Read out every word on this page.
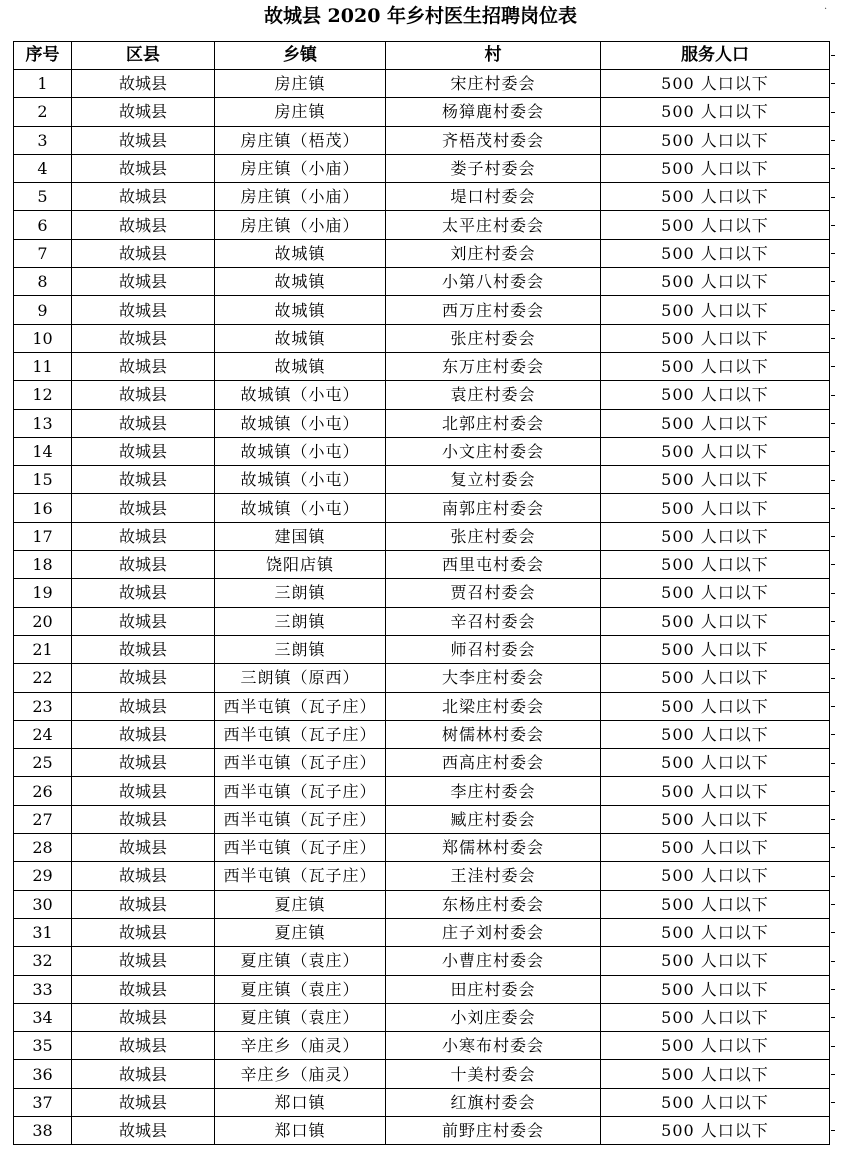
故城县 2020 年乡村医生招聘岗位表	·
序号	区县	乡镇	村	服务人口
1	故城县	房庄镇	宋庄村委会	500 人口以下
2	故城县	房庄镇	杨獐鹿村委会	500 人口以下
3	故城县	房庄镇（梧茂）	齐梧茂村委会	500 人口以下
4	故城县	房庄镇（小庙）	娄子村委会	500 人口以下
5	故城县	房庄镇（小庙）	堤口村委会	500 人口以下
6	故城县	房庄镇（小庙）	太平庄村委会	500 人口以下
7	故城县	故城镇	刘庄村委会	500 人口以下
8	故城县	故城镇	小第八村委会	500 人口以下
9	故城县	故城镇	西万庄村委会	500 人口以下
10	故城县	故城镇	张庄村委会	500 人口以下
11	故城县	故城镇	东万庄村委会	500 人口以下
12	故城县	故城镇（小屯）	袁庄村委会	500 人口以下
13	故城县	故城镇（小屯）	北郭庄村委会	500 人口以下
14	故城县	故城镇（小屯）	小文庄村委会	500 人口以下
15	故城县	故城镇（小屯）	复立村委会	500 人口以下
16	故城县	故城镇（小屯）	南郭庄村委会	500 人口以下
17	故城县	建国镇	张庄村委会	500 人口以下
18	故城县	饶阳店镇	西里屯村委会	500 人口以下
19	故城县	三朗镇	贾召村委会	500 人口以下
20	故城县	三朗镇	辛召村委会	500 人口以下
21	故城县	三朗镇	师召村委会	500 人口以下
22	故城县	三朗镇（原西）	大李庄村委会	500 人口以下
23	故城县	西半屯镇（瓦子庄）	北梁庄村委会	500 人口以下
24	故城县	西半屯镇（瓦子庄）	树儒林村委会	500 人口以下
25	故城县	西半屯镇（瓦子庄）	西高庄村委会	500 人口以下
26	故城县	西半屯镇（瓦子庄）	李庄村委会	500 人口以下
27	故城县	西半屯镇（瓦子庄）	臧庄村委会	500 人口以下
28	故城县	西半屯镇（瓦子庄）	郑儒林村委会	500 人口以下
29	故城县	西半屯镇（瓦子庄）	王洼村委会	500 人口以下
30	故城县	夏庄镇	东杨庄村委会	500 人口以下
31	故城县	夏庄镇	庄子刘村委会	500 人口以下
32	故城县	夏庄镇（袁庄）	小曹庄村委会	500 人口以下
33	故城县	夏庄镇（袁庄）	田庄村委会	500 人口以下
34	故城县	夏庄镇（袁庄）	小刘庄委会	500 人口以下
35	故城县	辛庄乡（庙灵）	小寒布村委会	500 人口以下
36	故城县	辛庄乡（庙灵）	十美村委会	500 人口以下
37	故城县	郑口镇	红旗村委会	500 人口以下
38	故城县	郑口镇	前野庄村委会	500 人口以下
